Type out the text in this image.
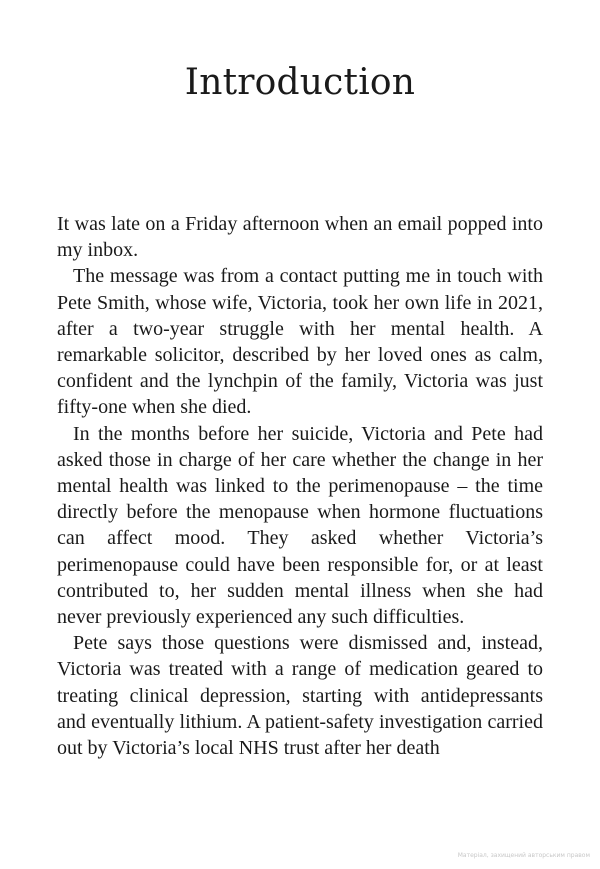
Introduction

It was late on a Friday afternoon when an email popped into my inbox.

The message was from a contact putting me in touch with Pete Smith, whose wife, Victoria, took her own life in 2021, after a two-year struggle with her mental health. A remarkable solicitor, described by her loved ones as calm, confident and the lynchpin of the family, Victoria was just fifty-one when she died.

In the months before her suicide, Victoria and Pete had asked those in charge of her care whether the change in her mental health was linked to the perimenopause – the time directly before the menopause when hormone fluctuations can affect mood. They asked whether Victoria’s perimenopause could have been responsible for, or at least contributed to, her sudden mental illness when she had never previously experienced any such difficulties.

Pete says those questions were dismissed and, instead, Victoria was treated with a range of medication geared to treating clinical depression, starting with antidepressants and eventually lithium. A patient-safety investigation carried out by Victoria’s local NHS trust after her death

Матеріал, захищений авторським правом
